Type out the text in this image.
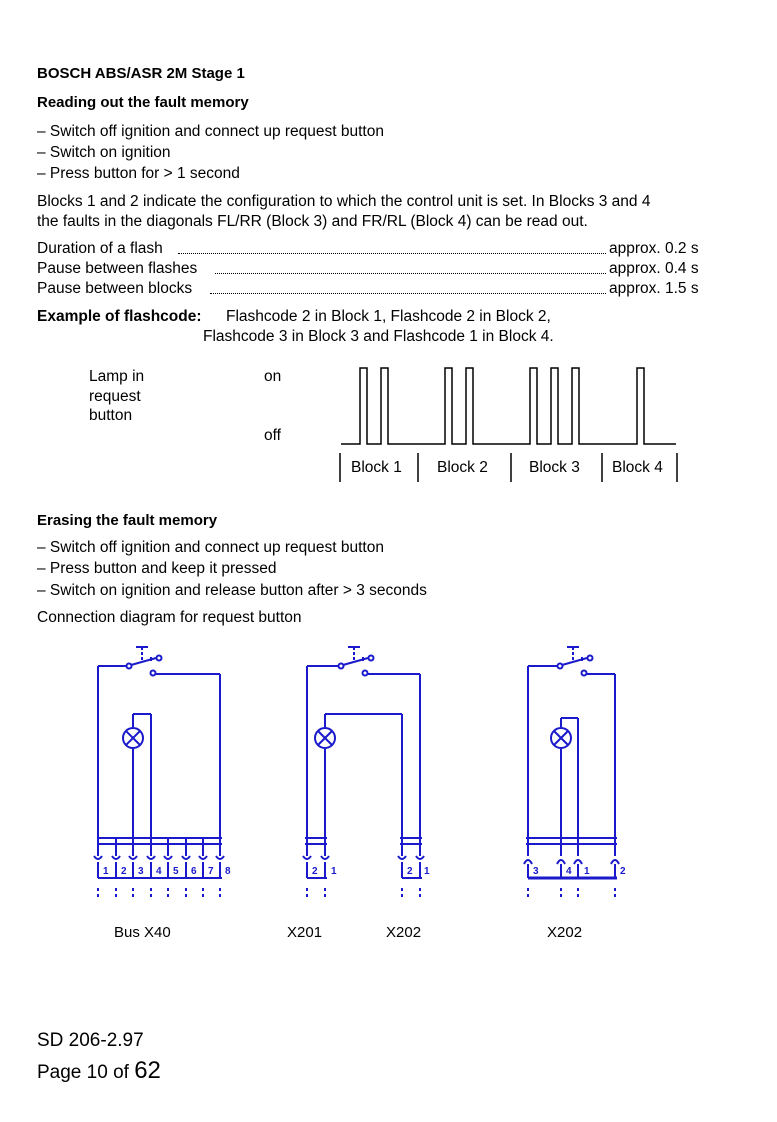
BOSCH ABS/ASR 2M Stage 1
Reading out the fault memory
– Switch off ignition and connect up request button
– Switch on ignition
– Press button for > 1 second
Blocks 1 and 2 indicate the configuration to which the control unit is set. In Blocks 3 and 4
the faults in the diagonals FL/RR (Block 3) and FR/RL (Block 4) can be read out.
Duration of a flash	approx. 0.2 s
Pause between flashes	approx. 0.4 s
Pause between blocks	approx. 1.5 s
Example of flashcode: Flashcode 2 in Block 1, Flashcode 2 in Block 2,
Flashcode 3 in Block 3 and Flashcode 1 in Block 4.
Lamp in
request
button
on
off
Block 1 Block 2	Block 3 Block 4
Erasing the fault memory
– Switch off ignition and connect up request button
– Press button and keep it pressed
– Switch on ignition and release button after > 3 seconds
Connection diagram for request button
1 2 3 4 5 6 7 8	2 1	2 1	3	4 1	2
Bus X40	X201	X202	X202
SD 206-2.97
Page 10 of 62
